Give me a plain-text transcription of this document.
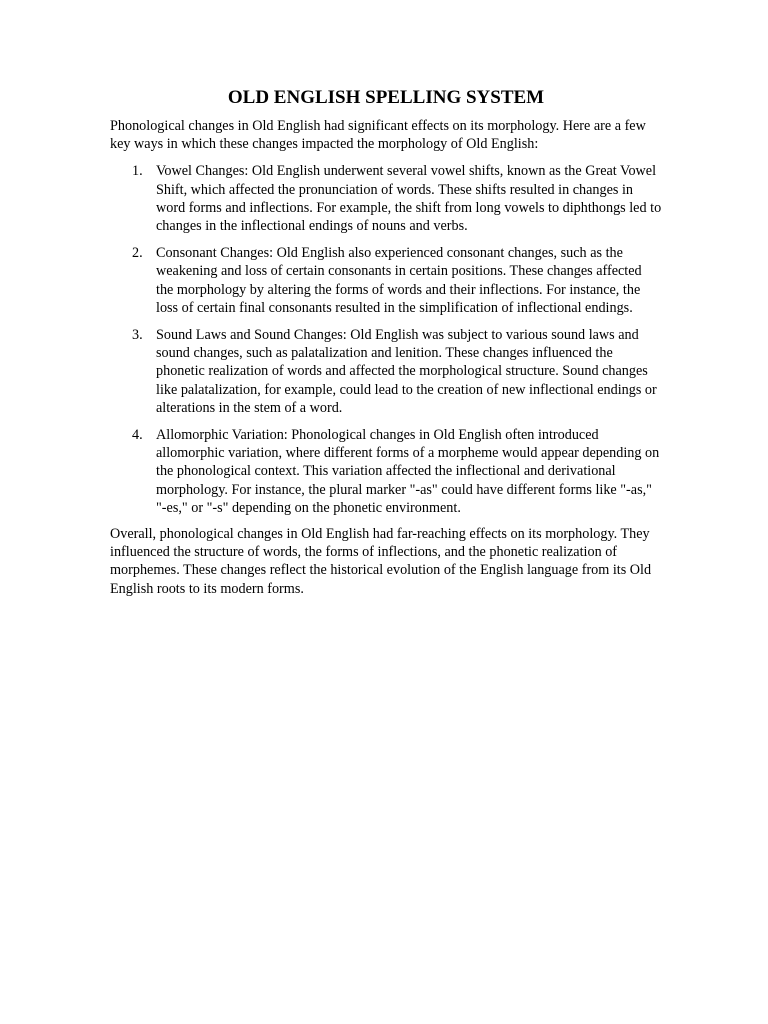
OLD ENGLISH SPELLING SYSTEM

Phonological changes in Old English had significant effects on its morphology. Here are a few key ways in which these changes impacted the morphology of Old English:

1. Vowel Changes: Old English underwent several vowel shifts, known as the Great Vowel Shift, which affected the pronunciation of words. These shifts resulted in changes in word forms and inflections. For example, the shift from long vowels to diphthongs led to changes in the inflectional endings of nouns and verbs.
2. Consonant Changes: Old English also experienced consonant changes, such as the weakening and loss of certain consonants in certain positions. These changes affected the morphology by altering the forms of words and their inflections. For instance, the loss of certain final consonants resulted in the simplification of inflectional endings.
3. Sound Laws and Sound Changes: Old English was subject to various sound laws and sound changes, such as palatalization and lenition. These changes influenced the phonetic realization of words and affected the morphological structure. Sound changes like palatalization, for example, could lead to the creation of new inflectional endings or alterations in the stem of a word.
4. Allomorphic Variation: Phonological changes in Old English often introduced allomorphic variation, where different forms of a morpheme would appear depending on the phonological context. This variation affected the inflectional and derivational morphology. For instance, the plural marker "-as" could have different forms like "-as," "-es," or "-s" depending on the phonetic environment.

Overall, phonological changes in Old English had far-reaching effects on its morphology. They influenced the structure of words, the forms of inflections, and the phonetic realization of morphemes. These changes reflect the historical evolution of the English language from its Old English roots to its modern forms.
